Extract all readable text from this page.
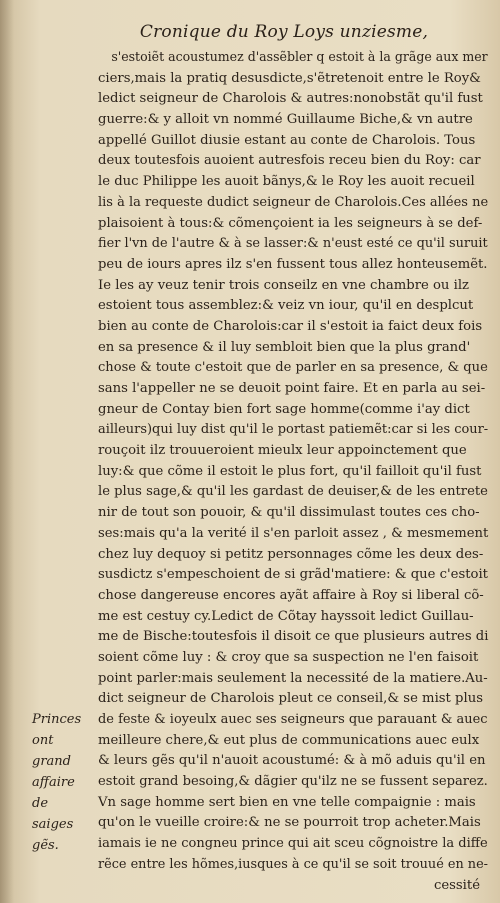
Cronique du Roy Loys unziesme,
Princes
ont grand
affaire de
saiges gẽs.
s'estoiẽt acoustumez d'assẽbler q estoit à la grãge aux mer
ciers,mais la pratiq desusdicte,s'ẽtretenoit entre le Roy&
ledict seigneur de Charolois & autres:nonobstãt qu'il fust
guerre:& y alloit vn nommé Guillaume Biche,& vn autre
appellé Guillot diusie estant au conte de Charolois. Tous
deux toutesfois auoient autresfois receu bien du Roy: car
le duc Philippe les auoit bãnys,& le Roy les auoit recueil
lis à la requeste dudict seigneur de Charolois.Ces allées ne
plaisoient à tous:& cõmençoient ia les seigneurs à se def-
fier l'vn de l'autre & à se lasser:& n'eust esté ce qu'il suruit
peu de iours apres ilz s'en fussent tous allez honteusemẽt.
Ie les ay veuz tenir trois conseilz en vne chambre ou ilz
estoient tous assemblez:& veiz vn iour, qu'il en desplcut
bien au conte de Charolois:car il s'estoit ia faict deux fois
en sa presence & il luy sembloit bien que la plus grand'
chose & toute c'estoit que de parler en sa presence, & que
sans l'appeller ne se deuoit point faire. Et en parla au sei-
gneur de Contay bien fort sage homme(comme i'ay dict
ailleurs)qui luy dist qu'il le portast patiemẽt:car si les cour-
rouçoit ilz trouueroient mieulx leur appoinctement que
luy:& que cõme il estoit le plus fort, qu'il failloit qu'il fust
le plus sage,& qu'il les gardast de deuiser,& de les entrete
nir de tout son pouoir, & qu'il dissimulast toutes ces cho-
ses:mais qu'a la verité il s'en parloit assez , & mesmement
chez luy dequoy si petitz personnages cõme les deux des-
susdictz s'empeschoient de si grãd'matiere: & que c'estoit
chose dangereuse encores ayãt affaire à Roy si liberal cõ-
me est cestuy cy.Ledict de Cõtay hayssoit ledict Guillau-
me de Bische:toutesfois il disoit ce que plusieurs autres di
soient cõme luy : & croy que sa suspection ne l'en faisoit
point parler:mais seulement la necessité de la matiere.Au-
dict seigneur de Charolois pleut ce conseil,& se mist plus
de feste & ioyeulx auec ses seigneurs que parauant & auec
meilleure chere,& eut plus de communications auec eulx
& leurs gẽs qu'il n'auoit acoustumé: & à mõ aduis qu'il en
estoit grand besoing,& dãgier qu'ilz ne se fussent separez.
Vn sage homme sert bien en vne telle compaignie : mais
qu'on le vueille croire:& ne se pourroit trop acheter.Mais
iamais ie ne congneu prince qui ait sceu cõgnoistre la diffe
rẽce entre les hõmes,iusques à ce qu'il se soit trouué en ne-
cessité
